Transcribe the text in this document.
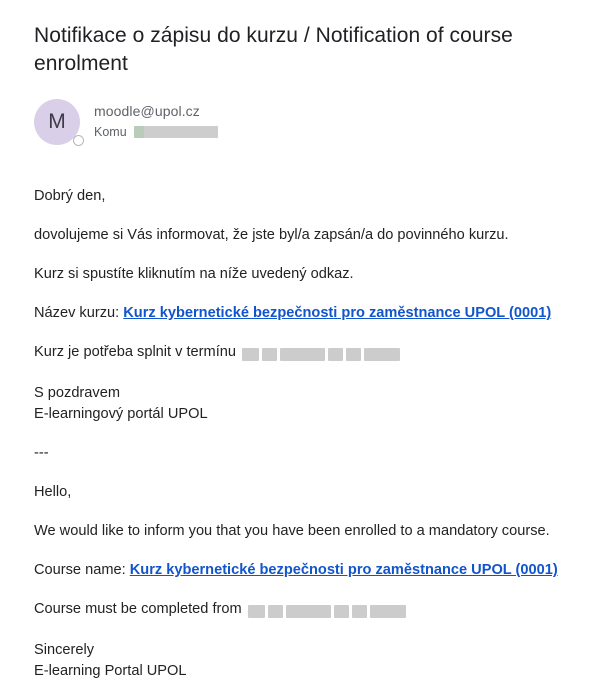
Notifikace o zápisu do kurzu / Notification of course enrolment
M	moodle@upol.cz
Komu

Dobrý den,

dovolujeme si Vás informovat, že jste byl/a zapsán/a do povinného kurzu.

Kurz si spustíte kliknutím na níže uvedený odkaz.

Název kurzu: Kurz kybernetické bezpečnosti pro zaměstnance UPOL (0001)

Kurz je potřeba splnit v termínu

S pozdravem

E-learningový portál UPOL

---

Hello,

We would like to inform you that you have been enrolled to a mandatory course.

Course name: Kurz kybernetické bezpečnosti pro zaměstnance UPOL (0001)

Course must be completed from

Sincerely

E-learning Portal UPOL
